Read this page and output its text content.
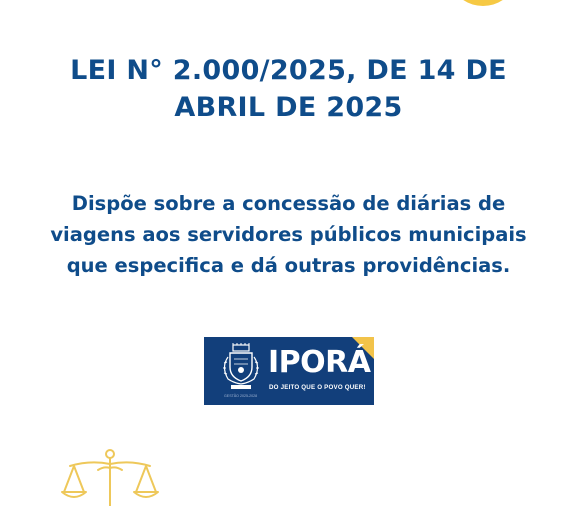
LEI N° 2.000/2025, DE 14 DE
ABRIL DE 2025
Dispõe sobre a concessão de diárias de
viagens aos servidores públicos municipais
que especifica e dá outras providências.
IPORÁ
DO JEITO QUE O POVO QUER!
GESTÃO 2025-2028
